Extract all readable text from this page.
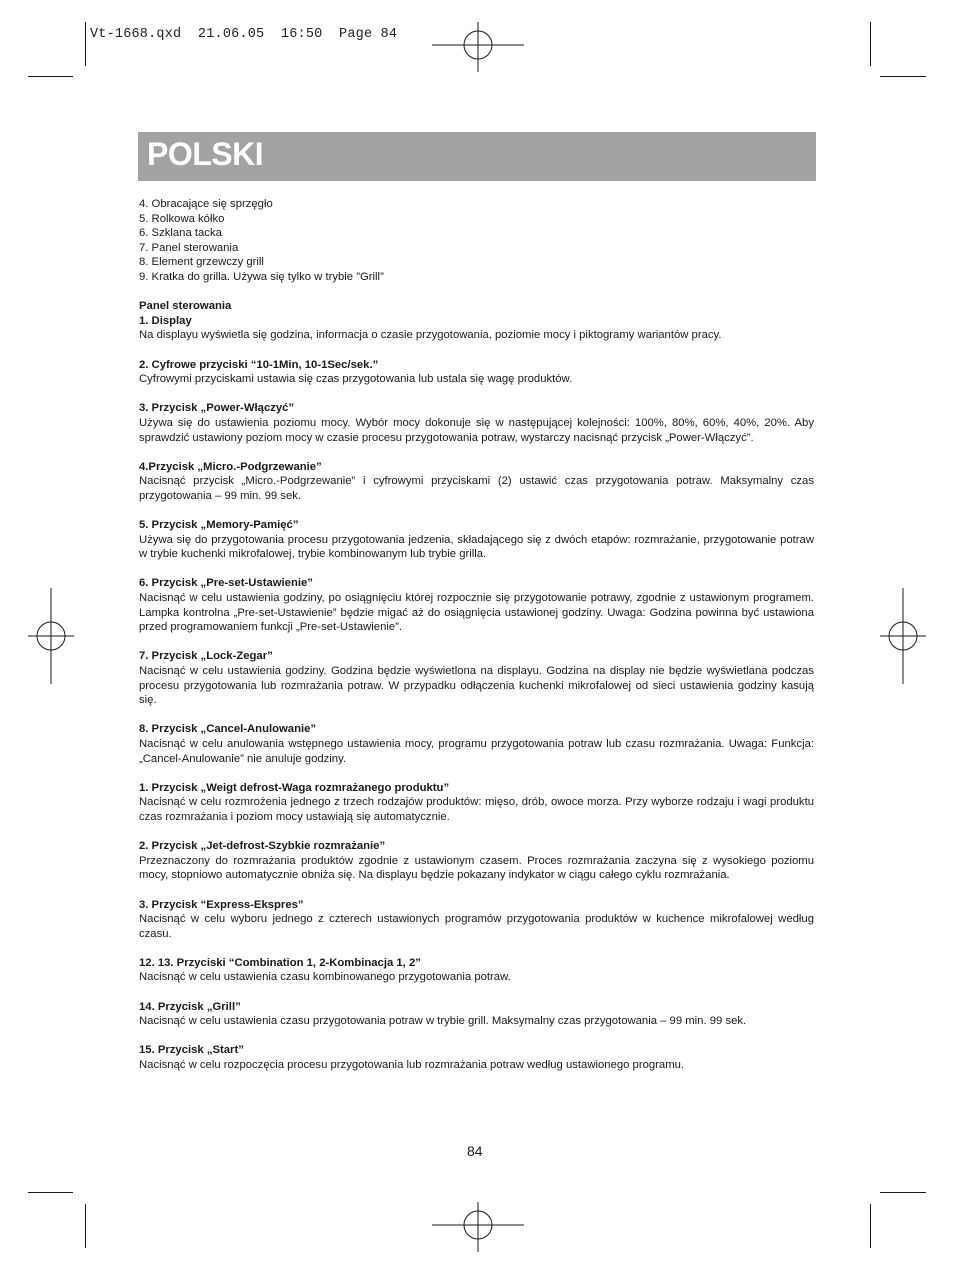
Vt-1668.qxd  21.06.05  16:50  Page 84
POLSKI
4. Obracające się sprzęgło
5. Rolkowa kółko
6. Szklana tacka
7. Panel sterowania
8. Element grzewczy grill
9. Kratka do grilla. Używa się tylko w trybie ”Grill”

Panel sterowania

1. Display

Na displayu wyświetla się godzina, informacja o czasie przygotowania, poziomie mocy i piktogramy wariantów pracy.

2. Cyfrowe przyciski “10-1Min, 10-1Sec/sek.”

Cyfrowymi przyciskami ustawia się czas przygotowania lub ustala się wagę produktów.

3. Przycisk „Power-Włączyć”

Używa się do ustawienia poziomu mocy. Wybór mocy dokonuje się w następującej kolejności: 100%, 80%, 60%, 40%, 20%. Aby sprawdzić ustawiony poziom mocy w czasie procesu przygotowania potraw, wystarczy nacisnąć przycisk „Power-Włączyć”.

4.Przycisk „Micro.-Podgrzewanie”

Nacisnąć przycisk „Micro.-Podgrzewanie” i cyfrowymi przyciskami (2) ustawić czas przygotowania potraw. Maksymalny czas przygotowania – 99 min. 99 sek.

5. Przycisk „Memory-Pamięć”

Używa się do przygotowania procesu przygotowania jedzenia, składającego się z dwóch etapów: rozmrażanie, przygotowanie potraw w trybie kuchenki mikrofalowej, trybie kombinowanym lub trybie grilla.

6. Przycisk „Pre-set-Ustawienie”

Nacisnąć w celu ustawienia godziny, po osiągnięciu której rozpocznie się przygotowanie potrawy, zgodnie z ustawionym programem. Lampka kontrolna „Pre-set-Ustawienie” będzie migać aż do osiągnięcia ustawionej godziny. Uwaga: Godzina powinna być ustawiona przed programowaniem funkcji „Pre-set-Ustawienie”.

7. Przycisk „Lock-Zegar”

Nacisnąć w celu ustawienia godziny. Godzina będzie wyświetlona na displayu. Godzina na display nie będzie wyświetlana podczas procesu przygotowania lub rozmrażania potraw. W przypadku odłączenia kuchenki mikrofalowej od sieci ustawienia godziny kasują się.

8. Przycisk „Cancel-Anulowanie”

Nacisnąć w celu anulowania wstępnego ustawienia mocy, programu przygotowania potraw lub czasu rozmrażania. Uwaga: Funkcja: „Cancel-Anulowanie” nie anuluje godziny.

1. Przycisk „Weigt defrost-Waga rozmrażanego produktu”

Nacisnąć w celu rozmrożenia jednego z trzech rodzajów produktów: mięso, drób, owoce morza. Przy wyborze rodzaju i wagi produktu czas rozmrażania i poziom mocy ustawiają się automatycznie.

2. Przycisk „Jet-defrost-Szybkie rozmrażanie”

Przeznaczony do rozmrażania produktów zgodnie z ustawionym czasem. Proces rozmrażania zaczyna się z wysokiego poziomu mocy, stopniowo automatycznie obniża się. Na displayu będzie pokazany indykator w ciągu całego cyklu rozmrażania.

3. Przycisk “Express-Ekspres”

Nacisnąć w celu wyboru jednego z czterech ustawionych programów przygotowania produktów w kuchence mikrofalowej według czasu.

12. 13. Przyciski “Combination 1, 2-Kombinacja 1, 2”

Nacisnąć w celu ustawienia czasu kombinowanego przygotowania potraw.

14. Przycisk „Grill”

Nacisnąć w celu ustawienia czasu przygotowania potraw w trybie grill. Maksymalny czas przygotowania – 99 min. 99 sek.

15. Przycisk „Start”

Nacisnąć w celu rozpoczęcia procesu przygotowania lub rozmrażania potraw według ustawionego programu.

84
